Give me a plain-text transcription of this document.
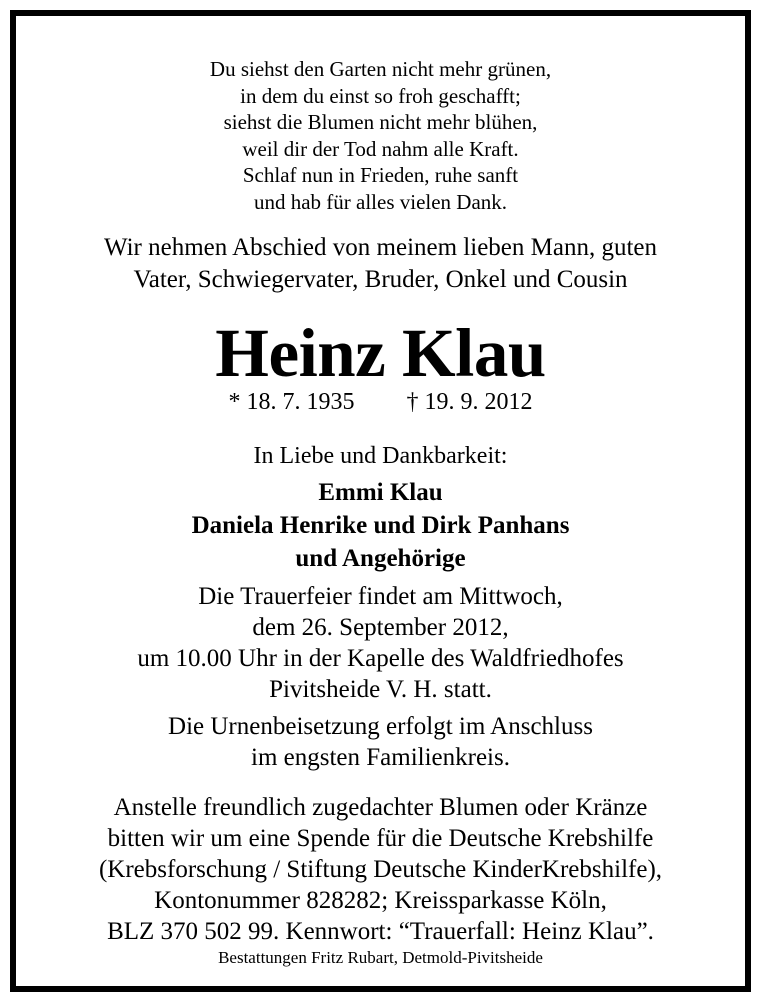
Du siehst den Garten nicht mehr grünen,
in dem du einst so froh geschafft;
siehst die Blumen nicht mehr blühen,
weil dir der Tod nahm alle Kraft.
Schlaf nun in Frieden, ruhe sanft
und hab für alles vielen Dank.
Wir nehmen Abschied von meinem lieben Mann, guten
Vater, Schwiegervater, Bruder, Onkel und Cousin
Heinz Klau
* 18. 7. 1935 † 19. 9. 2012
In Liebe und Dankbarkeit:
Emmi Klau
Daniela Henrike und Dirk Panhans
und Angehörige
Die Trauerfeier findet am Mittwoch,
dem 26. September 2012,
um 10.00 Uhr in der Kapelle des Waldfriedhofes
Pivitsheide V. H. statt.
Die Urnenbeisetzung erfolgt im Anschluss
im engsten Familienkreis.
Anstelle freundlich zugedachter Blumen oder Kränze
bitten wir um eine Spende für die Deutsche Krebshilfe
(Krebsforschung / Stiftung Deutsche KinderKrebshilfe),
Kontonummer 828282; Kreissparkasse Köln,
BLZ 370 502 99. Kennwort: “Trauerfall: Heinz Klau”.
Bestattungen Fritz Rubart, Detmold-Pivitsheide
